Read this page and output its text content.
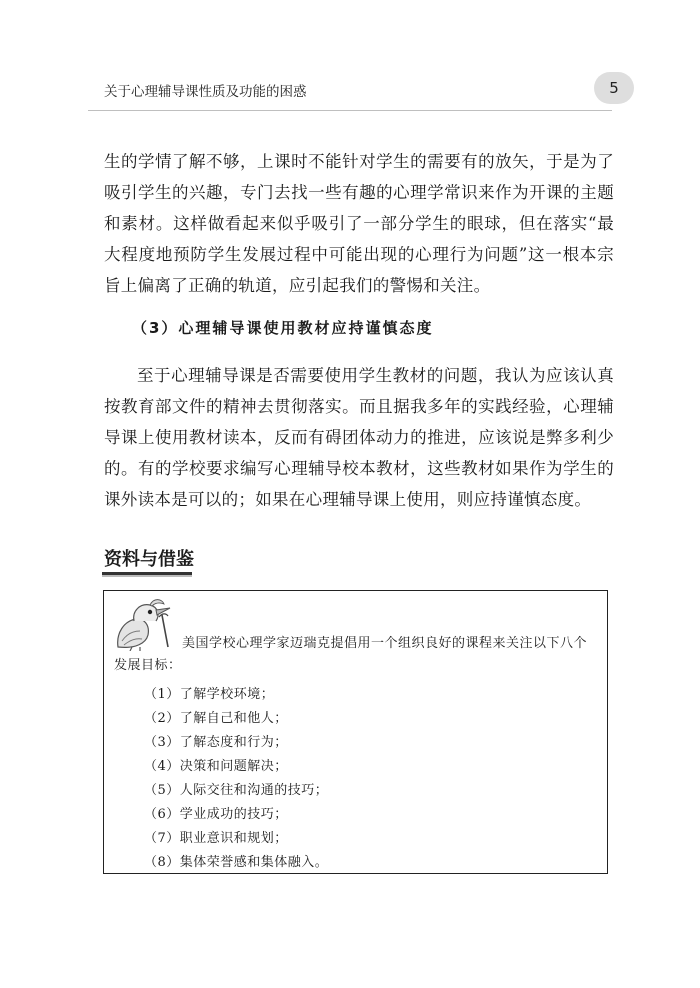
关于心理辅导课性质及功能的困惑	5

生的学情了解不够，上课时不能针对学生的需要有的放矢，于是为了吸引学生的兴趣，专门去找一些有趣的心理学常识来作为开课的主题和素材。这样做看起来似乎吸引了一部分学生的眼球，但在落实“最大程度地预防学生发展过程中可能出现的心理行为问题”这一根本宗旨上偏离了正确的轨道，应引起我们的警惕和关注。

（3）心理辅导课使用教材应持谨慎态度

至于心理辅导课是否需要使用学生教材的问题，我认为应该认真按教育部文件的精神去贯彻落实。而且据我多年的实践经验，心理辅导课上使用教材读本，反而有碍团体动力的推进，应该说是弊多利少的。有的学校要求编写心理辅导校本教材，这些教材如果作为学生的课外读本是可以的；如果在心理辅导课上使用，则应持谨慎态度。

资料与借鉴

美国学校心理学家迈瑞克提倡用一个组织良好的课程来关注以下八个发展目标：

（1）了解学校环境；
（2）了解自己和他人；
（3）了解态度和行为；
（4）决策和问题解决；
（5）人际交往和沟通的技巧；
（6）学业成功的技巧；
（7）职业意识和规划；
（8）集体荣誉感和集体融入。
